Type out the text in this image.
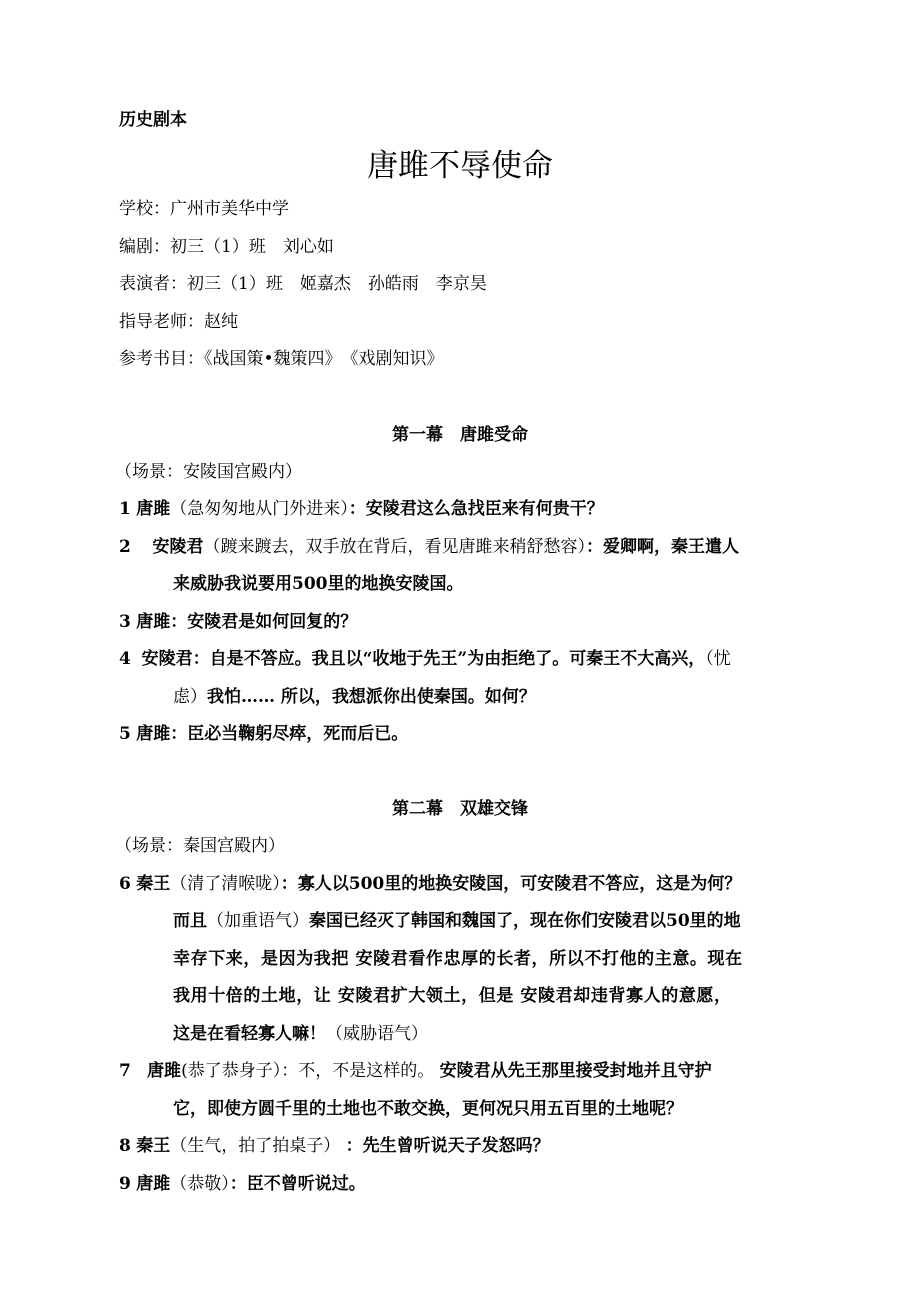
历史剧本
唐雎不辱使命
学校：广州市美华中学
编剧：初三（1）班　刘心如
表演者：初三（1）班　姬嘉杰　孙皓雨　李京昊
指导老师：赵纯
参考书目：《战国策•魏策四》　《戏剧知识》
第一幕　唐雎受命
（场景：安陵国宫殿内）
1 唐雎（急匆匆地从门外进来）：安陵君这么急找臣来有何贵干？
2 安陵君（踱来踱去，双手放在背后，看见唐雎来稍舒愁容）：爱卿啊，秦王遣人
来威胁我说要用500里的地换安陵国。
3 唐雎：安陵君是如何回复的？
4 安陵君：自是不答应。我且以“收地于先王”为由拒绝了。可秦王不大高兴，（忧
虑）我怕…… 所以，我想派你出使秦国。如何？
5 唐雎：臣必当鞠躬尽瘁，死而后已。
第二幕　双雄交锋
（场景：秦国宫殿内）
6 秦王（清了清喉咙）：寡人以500里的地换安陵国，可安陵君不答应，这是为何？
而且（加重语气）秦国已经灭了韩国和魏国了，现在你们安陵君以50里的地
幸存下来，是因为我把 安陵君看作忠厚的长者，所以不打他的主意。现在
我用十倍的土地，让 安陵君扩大领土，但是 安陵君却违背寡人的意愿，
这是在看轻寡人嘛！（威胁语气）
7 唐雎(恭了恭身子）：不，不是这样的。 安陵君从先王那里接受封地并且守护
它，即使方圆千里的土地也不敢交换，更何况只用五百里的土地呢？
8 秦王（生气，拍了拍桌子） ：先生曾听说天子发怒吗？
9 唐雎（恭敬）：臣不曾听说过。
